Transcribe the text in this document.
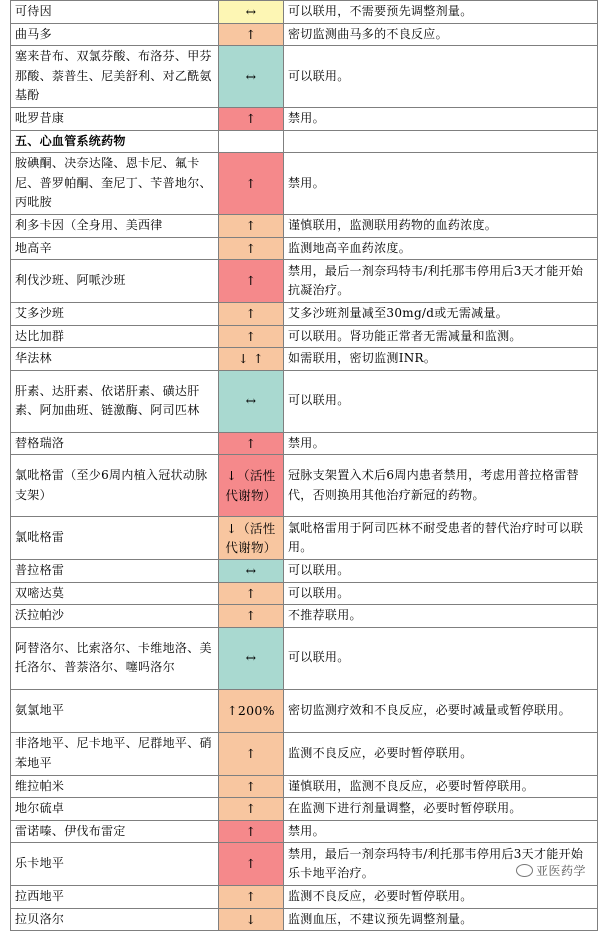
可待因	↔	可以联用，不需要预先调整剂量。
曲马多	↑	密切监测曲马多的不良反应。
塞来昔布、双氯芬酸、布洛芬、甲芬那酸、萘普生、尼美舒利、对乙酰氨基酚	↔	可以联用。
吡罗昔康	↑	禁用。
五、心血管系统药物		
胺碘酮、决奈达隆、恩卡尼、氟卡尼、普罗帕酮、奎尼丁、苄普地尔、丙吡胺	↑	禁用。
利多卡因（全身用、美西律	↑	谨慎联用，监测联用药物的血药浓度。
地高辛	↑	监测地高辛血药浓度。
利伐沙班、阿哌沙班	↑	禁用，最后一剂奈玛特韦/利托那韦停用后3天才能开始抗凝治疗。
艾多沙班	↑	艾多沙班剂量减至30mg/d或无需减量。
达比加群	↑	可以联用。肾功能正常者无需减量和监测。
华法林	↓ ↑	如需联用，密切监测INR。
肝素、达肝素、依诺肝素、磺达肝素、阿加曲班、链激酶、阿司匹林	↔	可以联用。
替格瑞洛	↑	禁用。
氯吡格雷（至少6周内植入冠状动脉支架）	↓（活性代谢物）	冠脉支架置入术后6周内患者禁用，考虑用普拉格雷替代，否则换用其他治疗新冠的药物。
氯吡格雷	↓（活性代谢物）	氯吡格雷用于阿司匹林不耐受患者的替代治疗时可以联用。
普拉格雷	↔	可以联用。
双嘧达莫	↑	可以联用。
沃拉帕沙	↑	不推荐联用。
阿替洛尔、比索洛尔、卡维地洛、美托洛尔、普萘洛尔、噻吗洛尔	↔	可以联用。
氨氯地平	↑200%	密切监测疗效和不良反应，必要时减量或暂停联用。
非洛地平、尼卡地平、尼群地平、硝苯地平	↑	监测不良反应，必要时暂停联用。
维拉帕米	↑	谨慎联用，监测不良反应，必要时暂停联用。
地尔硫卓	↑	在监测下进行剂量调整，必要时暂停联用。
雷诺嗪、伊伐布雷定	↑	禁用。
乐卡地平	↑	禁用，最后一剂奈玛特韦/利托那韦停用后3天才能开始乐卡地平治疗。
拉西地平	↑	监测不良反应，必要时暂停联用。
拉贝洛尔	↓	监测血压，不建议预先调整剂量。
亚医药学
